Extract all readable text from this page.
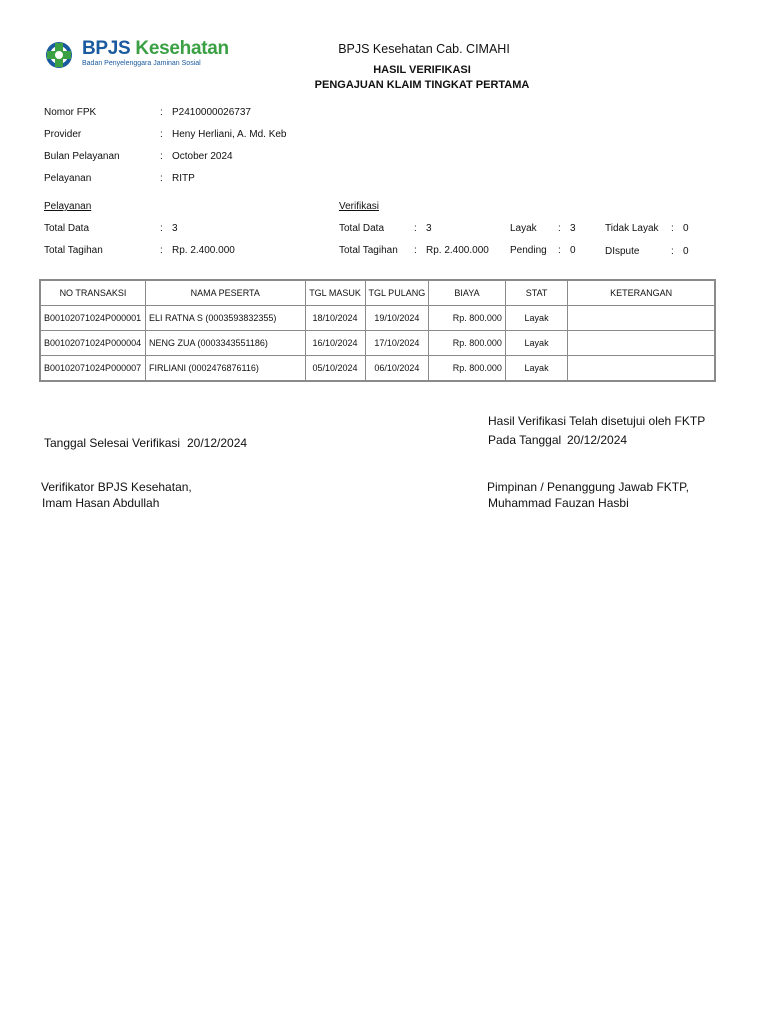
BPJS Kesehatan
Badan Penyelenggara Jaminan Sosial
BPJS Kesehatan Cab. CIMAHI
HASIL VERIFIKASI
PENGAJUAN KLAIM TINGKAT PERTAMA
Nomor FPK	: P2410000026737
Provider	: Heny Herliani, A. Md. Keb
Bulan Pelayanan	: October 2024
Pelayanan	: RITP
Pelayanan	Verifikasi
Total Data	: 3
Total Tagihan	: Rp. 2.400.000
Total Data	: 3
Total Tagihan : Rp. 2.400.000
Layak : 3
Pending : 0
Tidak Layak : 0
DIspute	: 0
NO TRANSAKSI	NAMA PESERTA	TGL MASUK	TGL PULANG	BIAYA	STAT	KETERANGAN
B00102071024P000001	ELI RATNA S (0003593832355)	18/10/2024	19/10/2024	Rp. 800.000	Layak	
B00102071024P000004	NENG ZUA (0003343551186)	16/10/2024	17/10/2024	Rp. 800.000	Layak	
B00102071024P000007	FIRLIANI (0002476876116)	05/10/2024	06/10/2024	Rp. 800.000	Layak	
Hasil Verifikasi Telah disetujui oleh FKTP
Pada Tanggal 20/12/2024
Tanggal Selesai Verifikasi 20/12/2024
Verifikator BPJS Kesehatan,
Imam Hasan Abdullah
Pimpinan / Penanggung Jawab FKTP,
Muhammad Fauzan Hasbi
